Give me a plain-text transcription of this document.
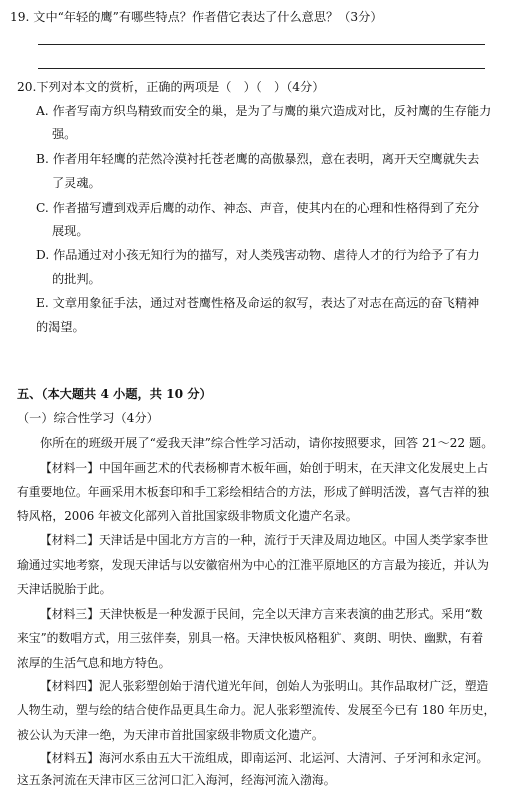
19. 文中“年轻的鹰”有哪些特点？作者借它表达了什么意思？（3分）
20.下列对本文的赏析，正确的两项是（　）（　）（4分）
A. 作者写南方织鸟精致而安全的巢，是为了与鹰的巢穴造成对比，反衬鹰的生存能力
强。
B. 作者用年轻鹰的茫然冷漠衬托苍老鹰的高傲暴烈，意在表明，离开天空鹰就失去
了灵魂。
C. 作者描写遭到戏弄后鹰的动作、神态、声音，使其内在的心理和性格得到了充分
展现。
D. 作品通过对小孩无知行为的描写，对人类残害动物、虐待人才的行为给予了有力
的批判。
E. 文章用象征手法，通过对苍鹰性格及命运的叙写，表达了对志在高远的奋飞精神
的渴望。
五、（本大题共 4 小题，共 10 分）
（一）综合性学习（4分）
你所在的班级开展了“爱我天津”综合性学习活动，请你按照要求，回答 21～22 题。
【材料一】中国年画艺术的代表杨柳青木板年画，始创于明末，在天津文化发展史上占
有重要地位。年画采用木板套印和手工彩绘相结合的方法，形成了鲜明活泼，喜气吉祥的独
特风格，2006 年被文化部列入首批国家级非物质文化遗产名录。
【材料二】天津话是中国北方方言的一种，流行于天津及周边地区。中国人类学家李世
瑜通过实地考察，发现天津话与以安徽宿州为中心的江淮平原地区的方言最为接近，并认为
天津话脱胎于此。
【材料三】天津快板是一种发源于民间，完全以天津方言来表演的曲艺形式。采用“数
来宝”的数唱方式，用三弦伴奏，别具一格。天津快板风格粗犷、爽朗、明快、幽默，有着
浓厚的生活气息和地方特色。
【材料四】泥人张彩塑创始于清代道光年间，创始人为张明山。其作品取材广泛，塑造
人物生动，塑与绘的结合使作品更具生命力。泥人张彩塑流传、发展至今已有 180 年历史，
被公认为天津一绝，为天津市首批国家级非物质文化遗产。
【材料五】海河水系由五大干流组成，即南运河、北运河、大清河、子牙河和永定河。
这五条河流在天津市区三岔河口汇入海河，经海河流入渤海。
